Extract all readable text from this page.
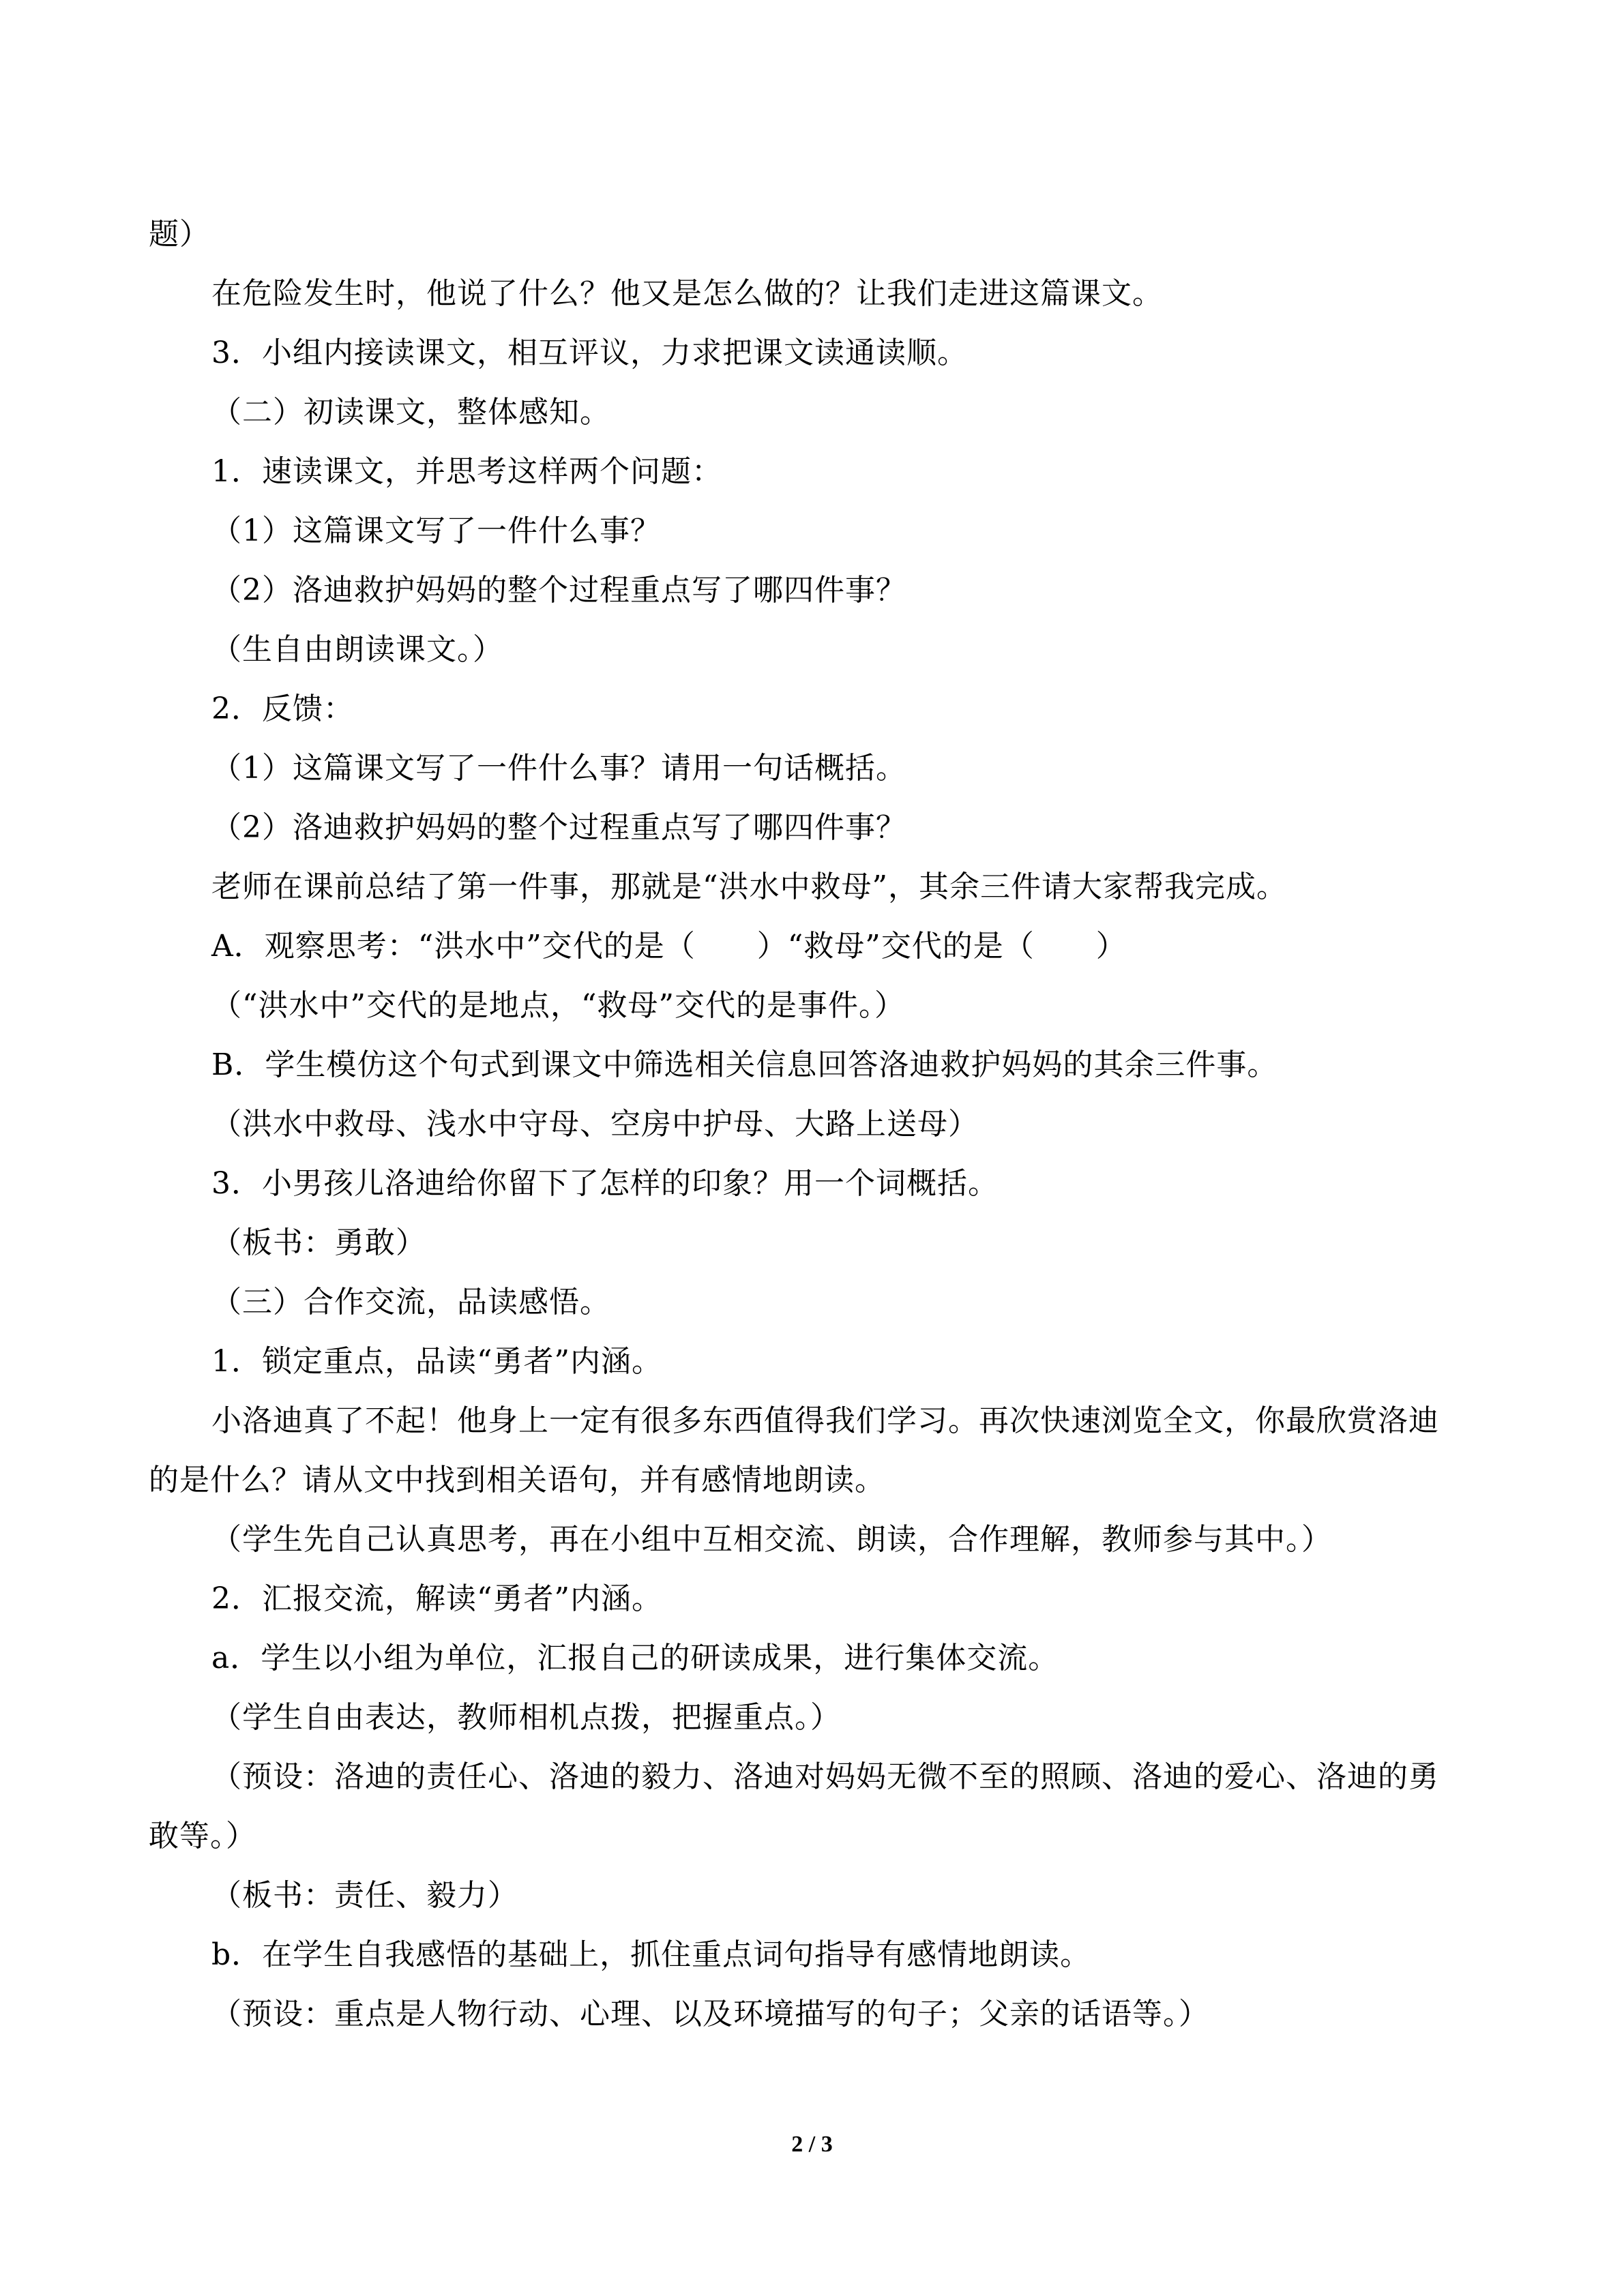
题）

在危险发生时，他说了什么？他又是怎么做的？让我们走进这篇课文。

3．小组内接读课文，相互评议，力求把课文读通读顺。

（二）初读课文，整体感知。

1．速读课文，并思考这样两个问题：

（1）这篇课文写了一件什么事？

（2）洛迪救护妈妈的整个过程重点写了哪四件事？

（生自由朗读课文。）

2．反馈：

（1）这篇课文写了一件什么事？请用一句话概括。

（2）洛迪救护妈妈的整个过程重点写了哪四件事？

老师在课前总结了第一件事，那就是“洪水中救母”，其余三件请大家帮我完成。

A．观察思考：“洪水中”交代的是（　　）“救母”交代的是（　　）

（“洪水中”交代的是地点，“救母”交代的是事件。）

B．学生模仿这个句式到课文中筛选相关信息回答洛迪救护妈妈的其余三件事。

（洪水中救母、浅水中守母、空房中护母、大路上送母）

3．小男孩儿洛迪给你留下了怎样的印象？用一个词概括。

（板书：勇敢）

（三）合作交流，品读感悟。

1．锁定重点，品读“勇者”内涵。

小洛迪真了不起！他身上一定有很多东西值得我们学习。再次快速浏览全文，你最欣赏洛迪的是什么？请从文中找到相关语句，并有感情地朗读。

（学生先自己认真思考，再在小组中互相交流、朗读，合作理解，教师参与其中。）

2．汇报交流，解读“勇者”内涵。

a．学生以小组为单位，汇报自己的研读成果，进行集体交流。

（学生自由表达，教师相机点拨，把握重点。）

（预设：洛迪的责任心、洛迪的毅力、洛迪对妈妈无微不至的照顾、洛迪的爱心、洛迪的勇敢等。）

（板书：责任、毅力）

b．在学生自我感悟的基础上，抓住重点词句指导有感情地朗读。

（预设：重点是人物行动、心理、以及环境描写的句子；父亲的话语等。）

2 / 3
